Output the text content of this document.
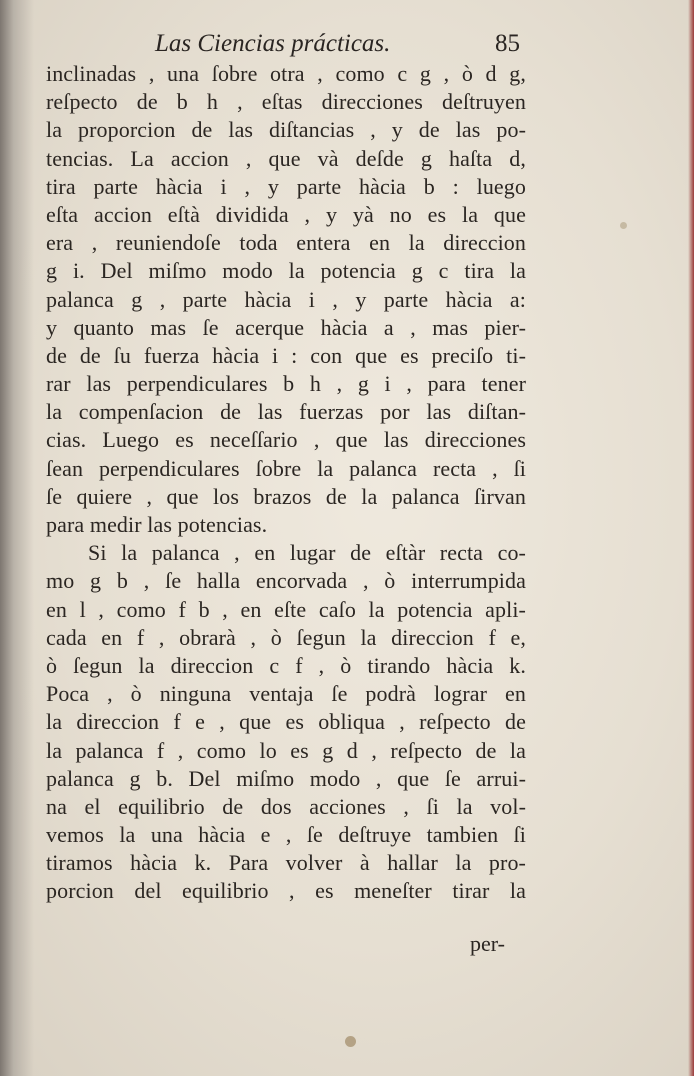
Las Ciencias prácticas.	85
inclinadas , una ſobre otra , como c g , ò d g,
reſpecto de b h , eſtas direcciones deſtruyen
la proporcion de las diſtancias , y de las po-
tencias. La accion , que và deſde g haſta d,
tira parte hàcia i , y parte hàcia b : luego
eſta accion eſtà dividida , y yà no es la que
era , reuniendoſe toda entera en la direccion
g i. Del miſmo modo la potencia g c tira la
palanca g , parte hàcia i , y parte hàcia a:
y quanto mas ſe acerque hàcia a , mas pier-
de de ſu fuerza hàcia i : con que es preciſo ti-
rar las perpendiculares b h , g i , para tener
la compenſacion de las fuerzas por las diſtan-
cias. Luego es neceſſario , que las direcciones
ſean perpendiculares ſobre la palanca recta , ſi
ſe quiere , que los brazos de la palanca ſirvan
para medir las potencias.
Si la palanca , en lugar de eſtàr recta co-
mo g b , ſe halla encorvada , ò interrumpida
en l , como f b , en eſte caſo la potencia apli-
cada en f , obrarà , ò ſegun la direccion f e,
ò ſegun la direccion c f , ò tirando hàcia k.
Poca , ò ninguna ventaja ſe podrà lograr en
la direccion f e , que es obliqua , reſpecto de
la palanca f , como lo es g d , reſpecto de la
palanca g b. Del miſmo modo , que ſe arrui-
na el equilibrio de dos acciones , ſi la vol-
vemos la una hàcia e , ſe deſtruye tambien ſi
tiramos hàcia k. Para volver à hallar la pro-
porcion del equilibrio , es meneſter tirar la
per-
